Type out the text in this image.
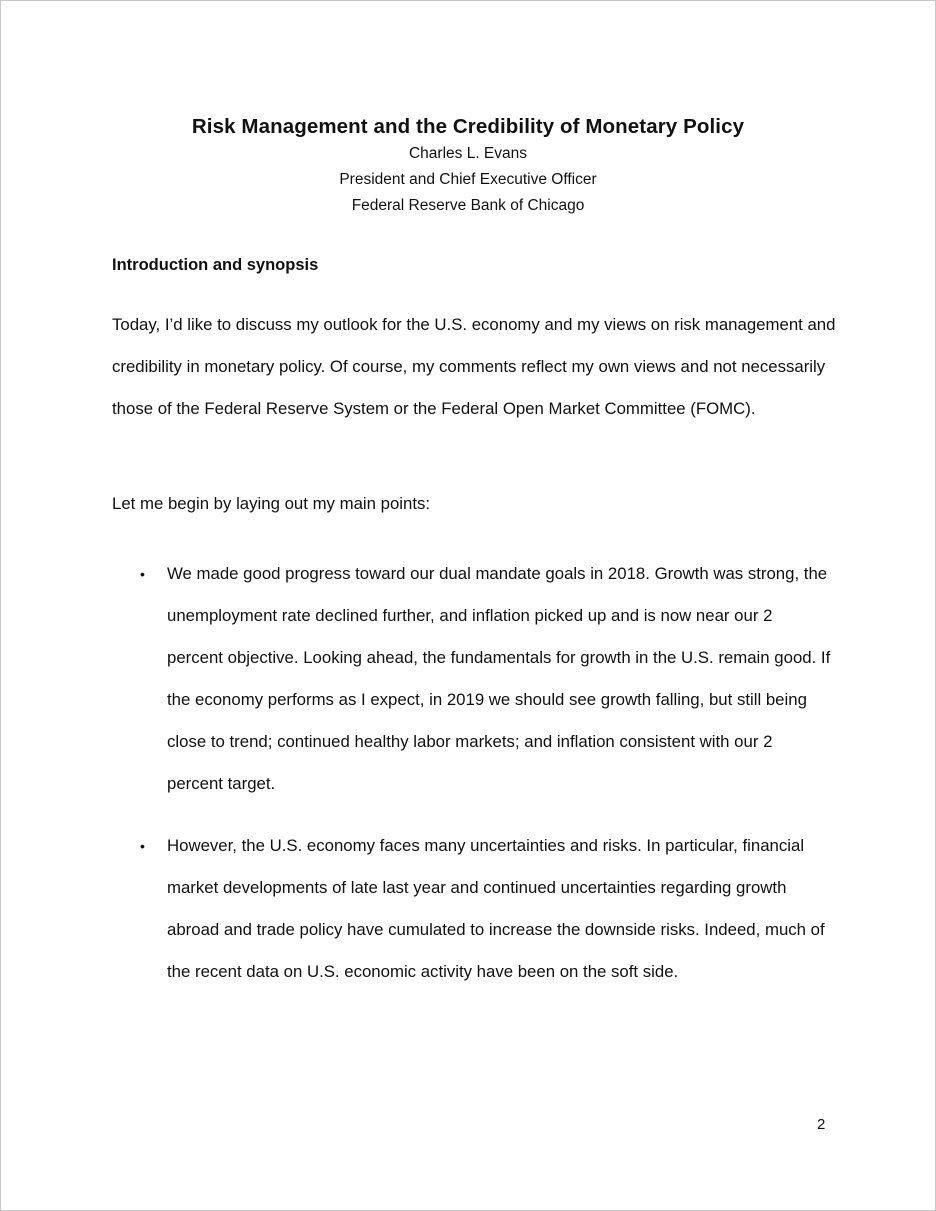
Risk Management and the Credibility of Monetary Policy

Charles L. Evans

President and Chief Executive Officer

Federal Reserve Bank of Chicago

Introduction and synopsis

Today, I’d like to discuss my outlook for the U.S. economy and my views on risk management and credibility in monetary policy. Of course, my comments reflect my own views and not necessarily those of the Federal Reserve System or the Federal Open Market Committee (FOMC).

Let me begin by laying out my main points:

• We made good progress toward our dual mandate goals in 2018. Growth was strong, the unemployment rate declined further, and inflation picked up and is now near our 2 percent objective. Looking ahead, the fundamentals for growth in the U.S. remain good. If the economy performs as I expect, in 2019 we should see growth falling, but still being close to trend; continued healthy labor markets; and inflation consistent with our 2 percent target.
• However, the U.S. economy faces many uncertainties and risks. In particular, financial market developments of late last year and continued uncertainties regarding growth abroad and trade policy have cumulated to increase the downside risks. Indeed, much of the recent data on U.S. economic activity have been on the soft side.
2
